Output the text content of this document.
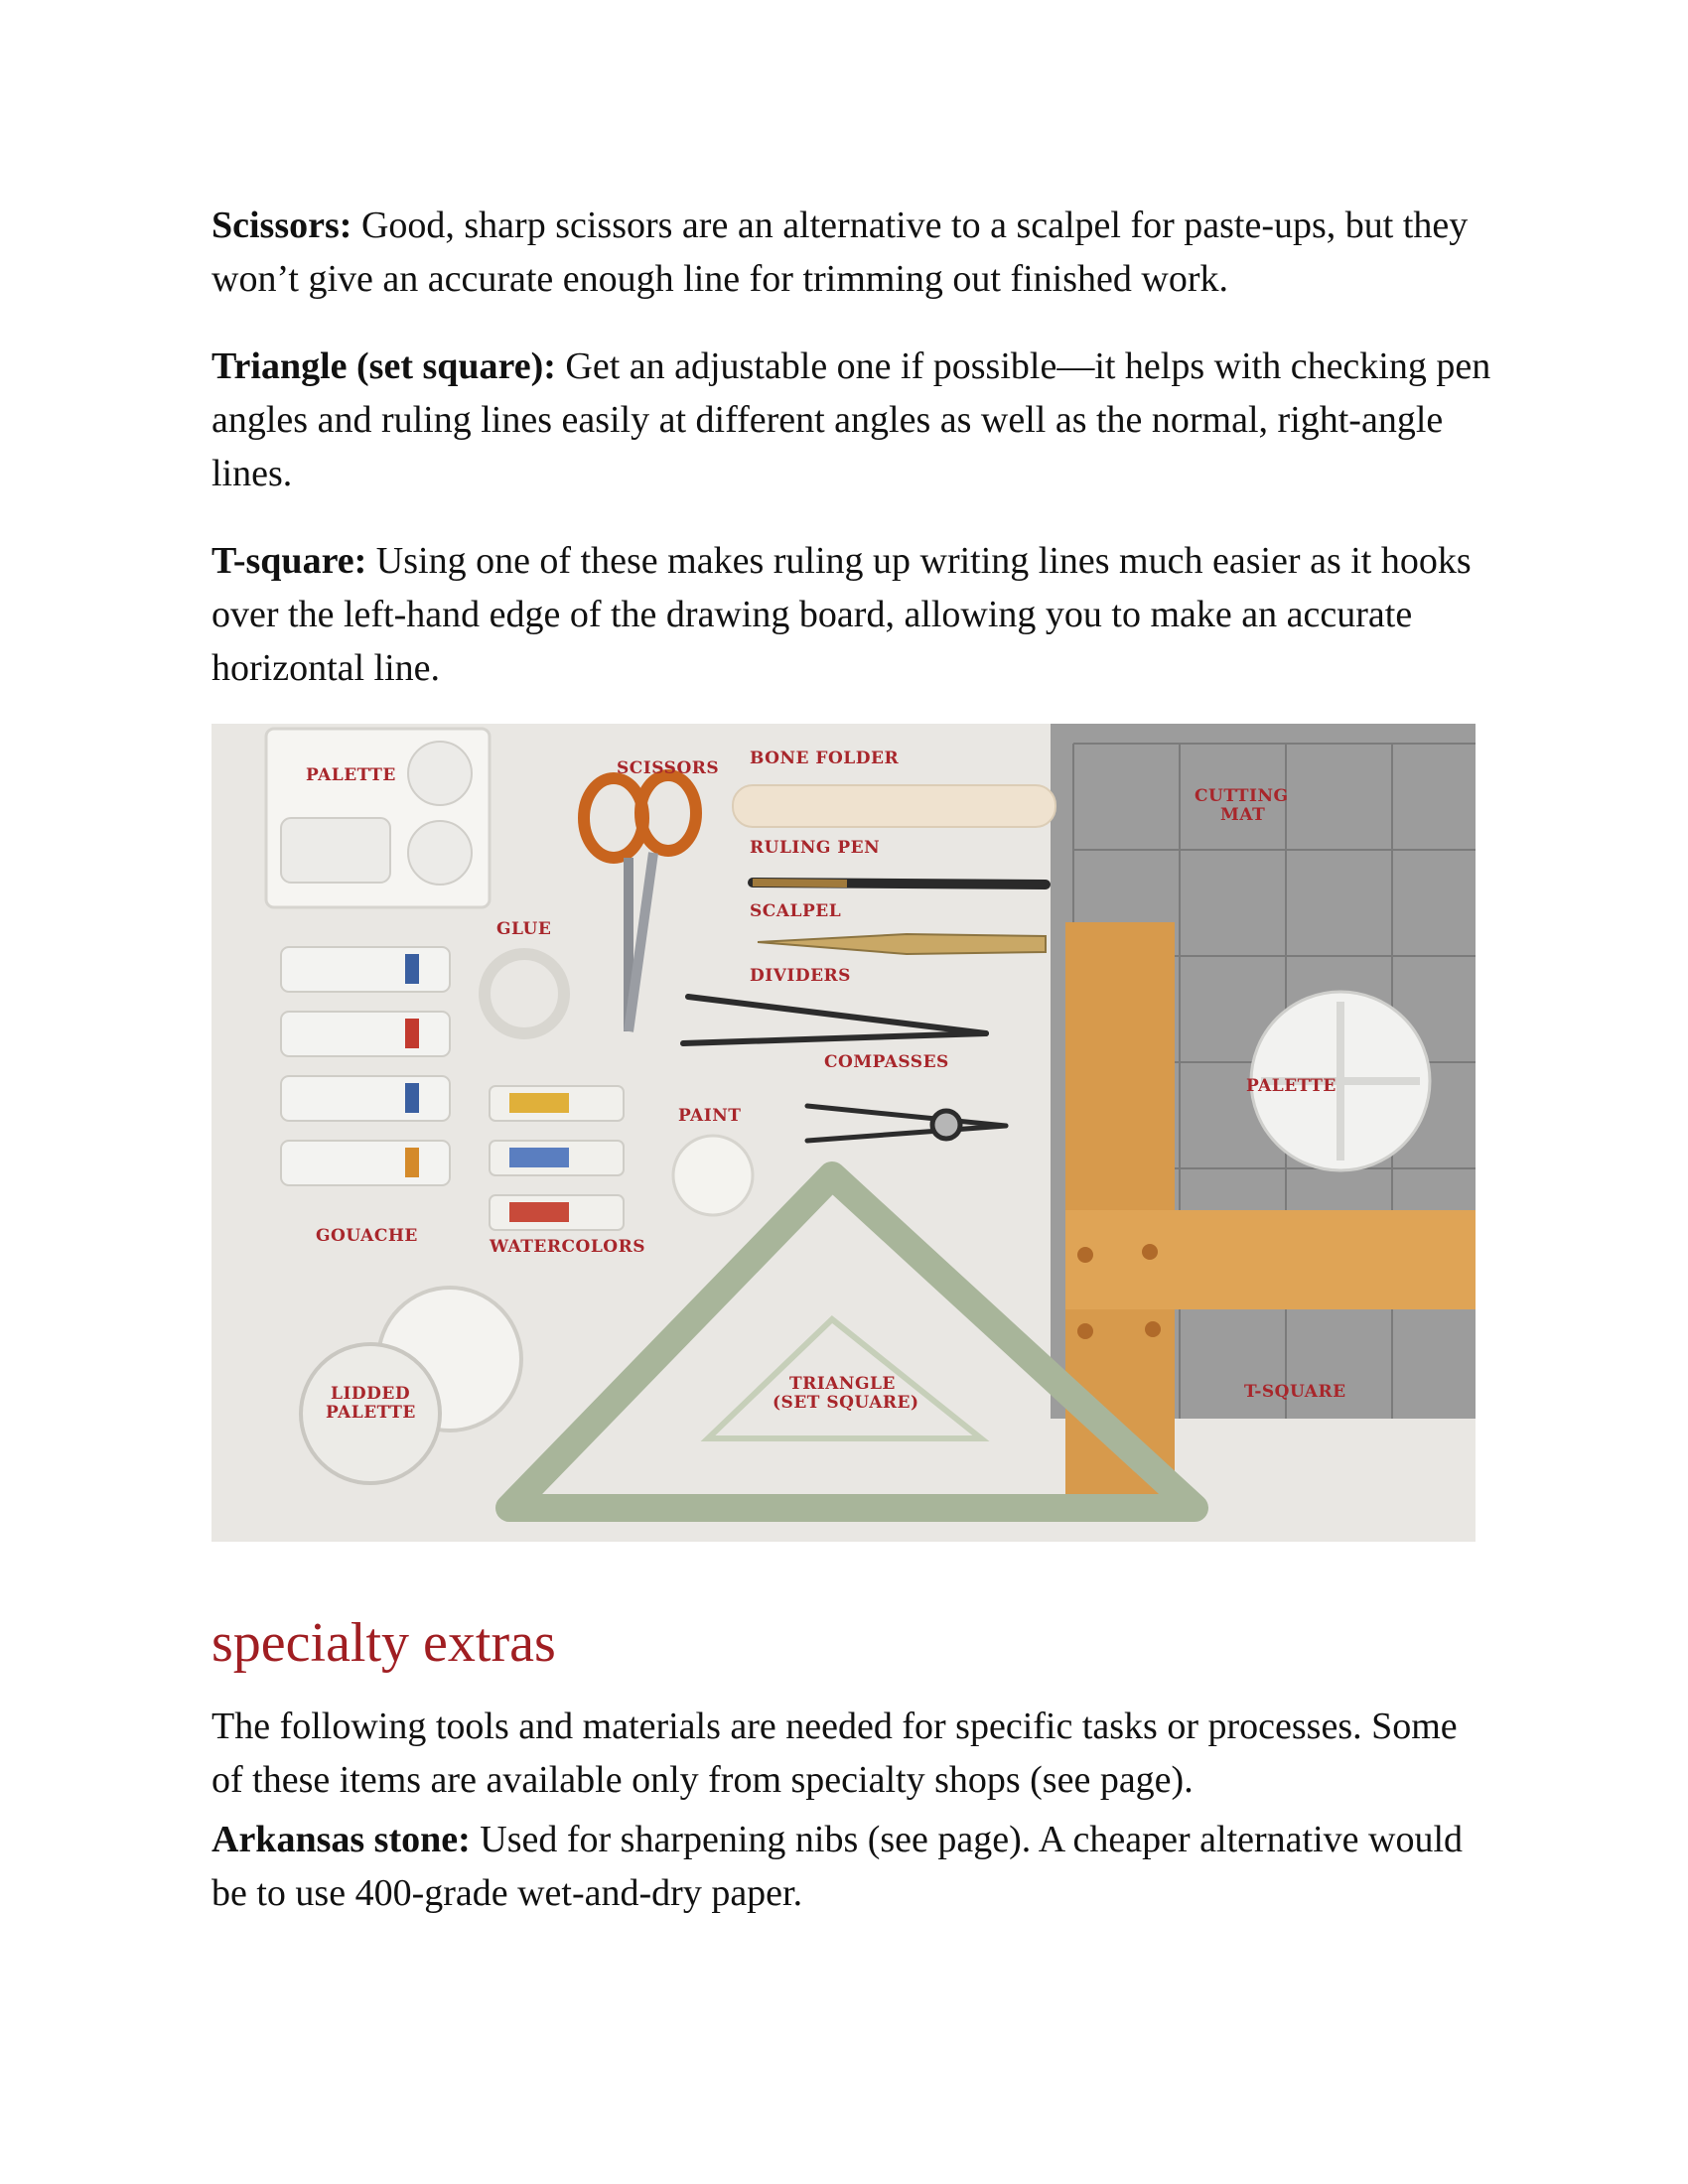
Scissors: Good, sharp scissors are an alternative to a scalpel for paste-ups, but they won’t give an accurate enough line for trimming out finished work.

Triangle (set square): Get an adjustable one if possible—it helps with checking pen angles and ruling lines easily at different angles as well as the normal, right-angle lines.

T-square: Using one of these makes ruling up writing lines much easier as it hooks over the left-hand edge of the drawing board, allowing you to make an accurate horizontal line.

PALETTE	SCISSORS BONE FOLDER
CUTTING
MAT
RULING PEN
GLUE
SCALPEL
DIVIDERS
COMPASSES
PALETTE
PAINT
GOUACHE
WATERCOLORS
LIDDED
PALETTE
TRIANGLE
(SET SQUARE)
T-SQUARE
specialty extras

The following tools and materials are needed for specific tasks or processes. Some of these items are available only from specialty shops (see page).

Arkansas stone: Used for sharpening nibs (see page). A cheaper alternative would be to use 400-grade wet-and-dry paper.
